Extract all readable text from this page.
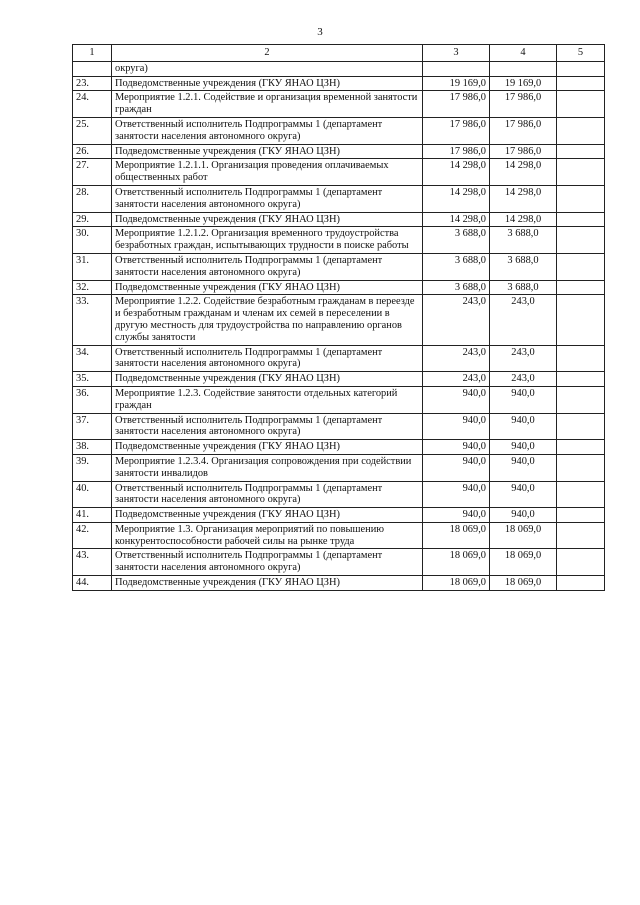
3
1	2	3	4	5
	округа)			
23.	Подведомственные учреждения (ГКУ ЯНАО ЦЗН)	19 169,0	19 169,0	
24.	Мероприятие 1.2.1. Содействие и организация временной занятости граждан	17 986,0	17 986,0	
25.	Ответственный исполнитель Подпрограммы 1 (департамент занятости населения автономного округа)	17 986,0	17 986,0	
26.	Подведомственные учреждения (ГКУ ЯНАО ЦЗН)	17 986,0	17 986,0	
27.	Мероприятие 1.2.1.1. Организация проведения оплачиваемых общественных работ	14 298,0	14 298,0	
28.	Ответственный исполнитель Подпрограммы 1 (департамент занятости населения автономного округа)	14 298,0	14 298,0	
29.	Подведомственные учреждения (ГКУ ЯНАО ЦЗН)	14 298,0	14 298,0	
30.	Мероприятие 1.2.1.2. Организация временного трудоустройства безработных граждан, испытывающих трудности в поиске работы	3 688,0	3 688,0	
31.	Ответственный исполнитель Подпрограммы 1 (департамент занятости населения автономного округа)	3 688,0	3 688,0	
32.	Подведомственные учреждения (ГКУ ЯНАО ЦЗН)	3 688,0	3 688,0	
33.	Мероприятие 1.2.2. Содействие безработным гражданам в переезде и безработным гражданам и членам их семей в переселении в другую местность для трудоустройства по направлению органов службы занятости	243,0	243,0	
34.	Ответственный исполнитель Подпрограммы 1 (департамент занятости населения автономного округа)	243,0	243,0	
35.	Подведомственные учреждения (ГКУ ЯНАО ЦЗН)	243,0	243,0	
36.	Мероприятие 1.2.3. Содействие занятости отдельных категорий граждан	940,0	940,0	
37.	Ответственный исполнитель Подпрограммы 1 (департамент занятости населения автономного округа)	940,0	940,0	
38.	Подведомственные учреждения (ГКУ ЯНАО ЦЗН)	940,0	940,0	
39.	Мероприятие 1.2.3.4. Организация сопровождения при содействии занятости инвалидов	940,0	940,0	
40.	Ответственный исполнитель Подпрограммы 1 (департамент занятости населения автономного округа)	940,0	940,0	
41.	Подведомственные учреждения (ГКУ ЯНАО ЦЗН)	940,0	940,0	
42.	Мероприятие 1.3. Организация мероприятий по повышению конкурентоспособности рабочей силы на рынке труда	18 069,0	18 069,0	
43.	Ответственный исполнитель Подпрограммы 1 (департамент занятости населения автономного округа)	18 069,0	18 069,0	
44.	Подведомственные учреждения (ГКУ ЯНАО ЦЗН)	18 069,0	18 069,0	
